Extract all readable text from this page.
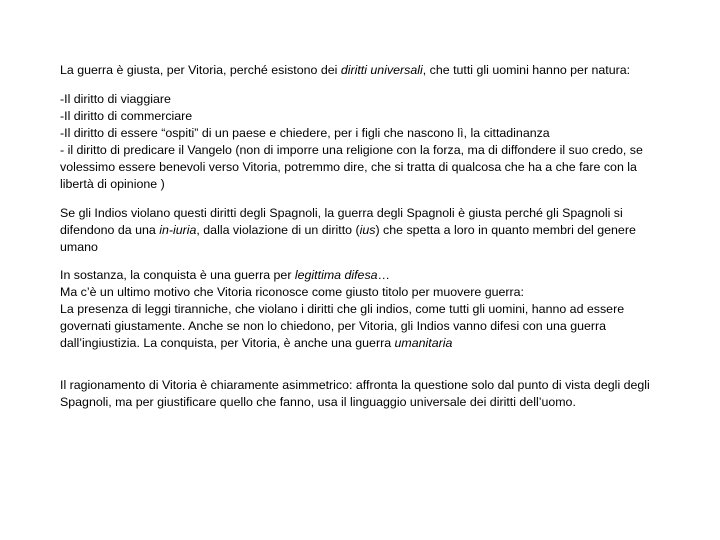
La guerra è giusta, per Vitoria, perché esistono dei diritti universali, che tutti gli uomini hanno per natura:

-Il diritto di viaggiare
-Il diritto di commerciare
-Il diritto di essere “ospiti” di un paese e chiedere, per i figli che nascono lì, la cittadinanza
- il diritto di predicare il Vangelo (non di imporre una religione con la forza, ma di diffondere il suo credo, se volessimo essere benevoli verso Vitoria, potremmo dire, che si tratta di qualcosa che ha a che fare con la libertà di opinione )

Se gli Indios violano questi diritti degli Spagnoli, la guerra degli Spagnoli è giusta perché gli Spagnoli si difendono da una in-iuria, dalla violazione di un diritto (ius) che spetta a loro in quanto membri del genere umano

In sostanza, la conquista è una guerra per legittima difesa…
Ma c’è un ultimo motivo che Vitoria riconosce come giusto titolo per muovere guerra:
La presenza di leggi tiranniche, che violano i diritti che gli indios, come tutti gli uomini, hanno ad essere governati giustamente. Anche se non lo chiedono, per Vitoria, gli Indios vanno difesi con una guerra dall’ingiustizia. La conquista, per Vitoria, è anche una guerra umanitaria

Il ragionamento di Vitoria è chiaramente asimmetrico: affronta la questione solo dal punto di vista degli degli Spagnoli, ma per giustificare quello che fanno, usa il linguaggio universale dei diritti dell’uomo.
